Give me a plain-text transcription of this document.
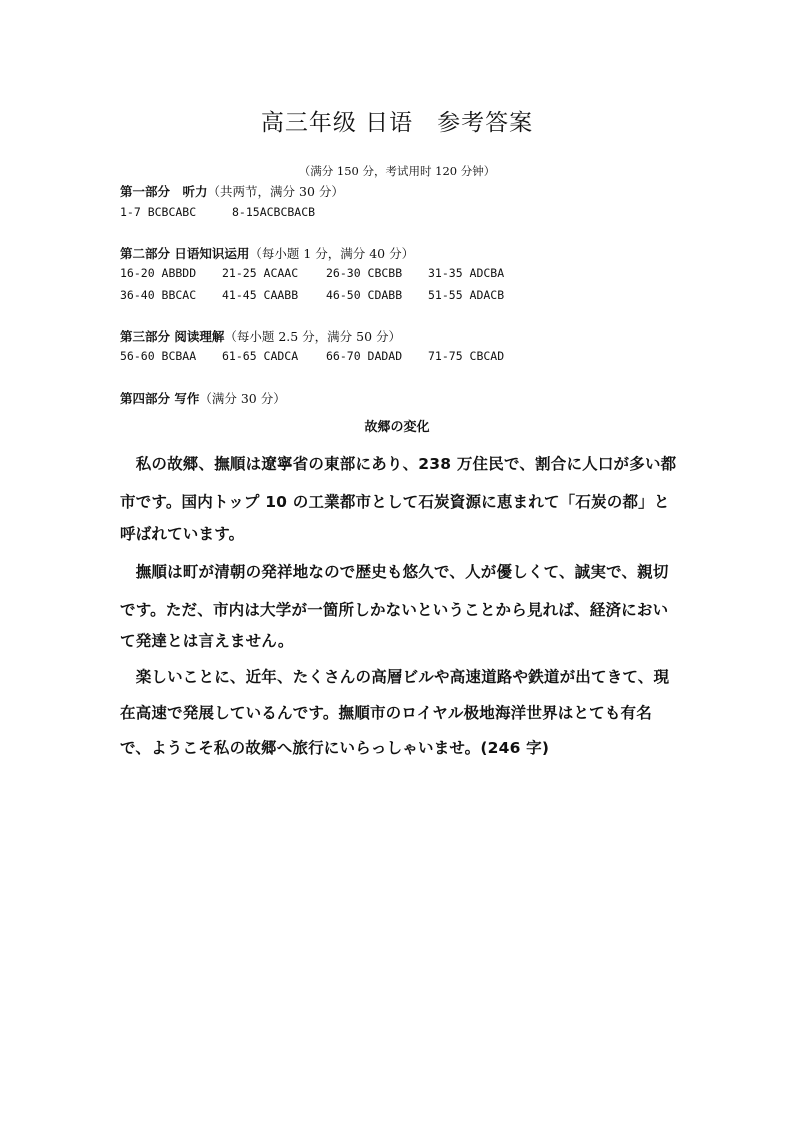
高三年级 日语　参考答案
（满分 150 分，考试用时 120 分钟）
第一部分　听力（共两节，满分 30 分）
1-7 BCBCABC	8-15ACBCBACB
第二部分 日语知识运用（每小题 1 分，满分 40 分）
16-20 ABBDD 21-25 ACAAC 26-30 CBCBB 31-35 ADCBA
36-40 BBCAC 41-45 CAABB 46-50 CDABB 51-55 ADACB
第三部分 阅读理解（每小题 2.5 分，满分 50 分）
56-60 BCBAA 61-65 CADCA 66-70 DADAD 71-75 CBCAD
第四部分 写作（满分 30 分）
故郷の変化
　私の故郷、撫順は遼寧省の東部にあり、238 万住民で、割合に人口が多い都
市です。国内トップ 10 の工業都市として石炭資源に恵まれて「石炭の都」と
呼ばれています。
　撫順は町が清朝の発祥地なので歴史も悠久で、人が優しくて、誠実で、親切
です。ただ、市内は大学が一箇所しかないということから見れば、経済におい
て発達とは言えません。
　楽しいことに、近年、たくさんの高層ビルや高速道路や鉄道が出てきて、現
在高速で発展しているんです。撫順市のロイヤル极地海洋世界はとても有名
で、ようこそ私の故郷へ旅行にいらっしゃいませ。(246 字)
